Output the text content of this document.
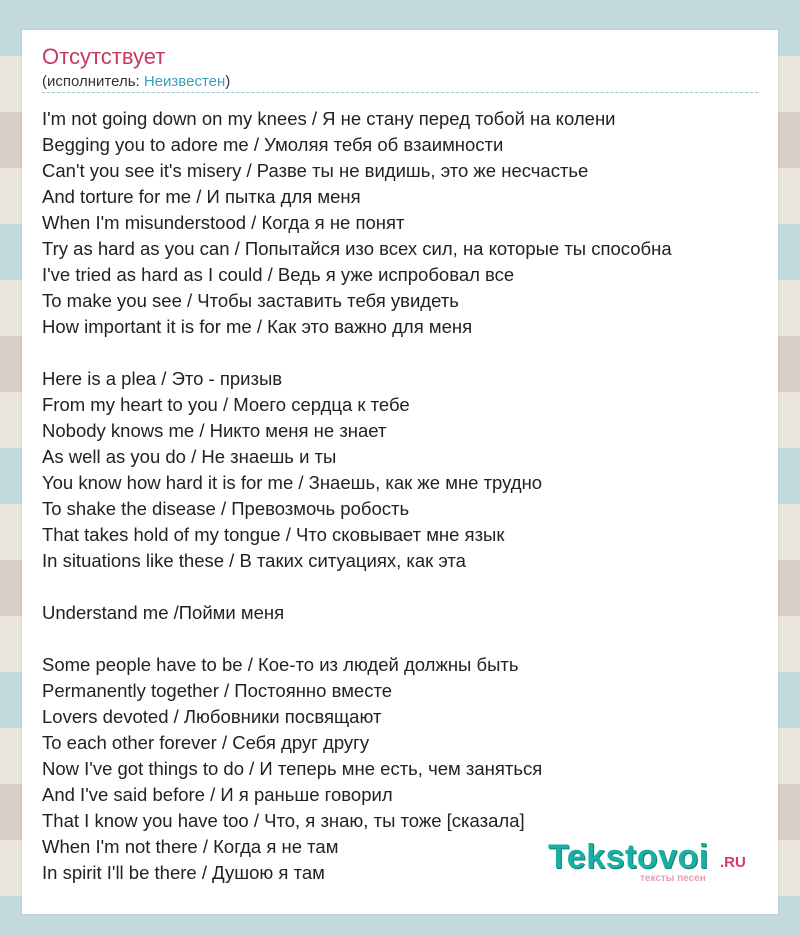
Отсутствует
(исполнитель: Неизвестен)
I'm not going down on my knees / Я не стану перед тобой на колени
Begging you to adore me / Умоляя тебя об взаимности
Can't you see it's misery / Разве ты не видишь, это же несчастье
And torture for me / И пытка для меня
When I'm misunderstood / Когда я не понят
Try as hard as you can / Попытайся изо всех сил, на которые ты способна
I've tried as hard as I could / Ведь я уже испробовал все
To make you see / Чтобы заставить тебя увидеть
How important it is for me / Как это важно для меня
Here is a plea / Это - призыв
From my heart to you / Моего сердца к тебе
Nobody knows me / Никто меня не знает
As well as you do / Не знаешь и ты
You know how hard it is for me / Знаешь, как же мне трудно
To shake the disease / Превозмочь робость
That takes hold of my tongue / Что сковывает мне язык
In situations like these / В таких ситуациях, как эта
Understand me /Пойми меня
Some people have to be / Кое-то из людей должны быть
Permanently together / Постоянно вместе
Lovers devoted / Любовники посвящают
To each other forever / Себя друг другу
Now I've got things to do / И теперь мне есть, чем заняться
And I've said before / И я раньше говорил
That I know you have too / Что, я знаю, ты тоже [сказала]
When I'm not there / Когда я не там
In spirit I'll be there / Душою я там	Tekstovoi .RU
тексты песен
